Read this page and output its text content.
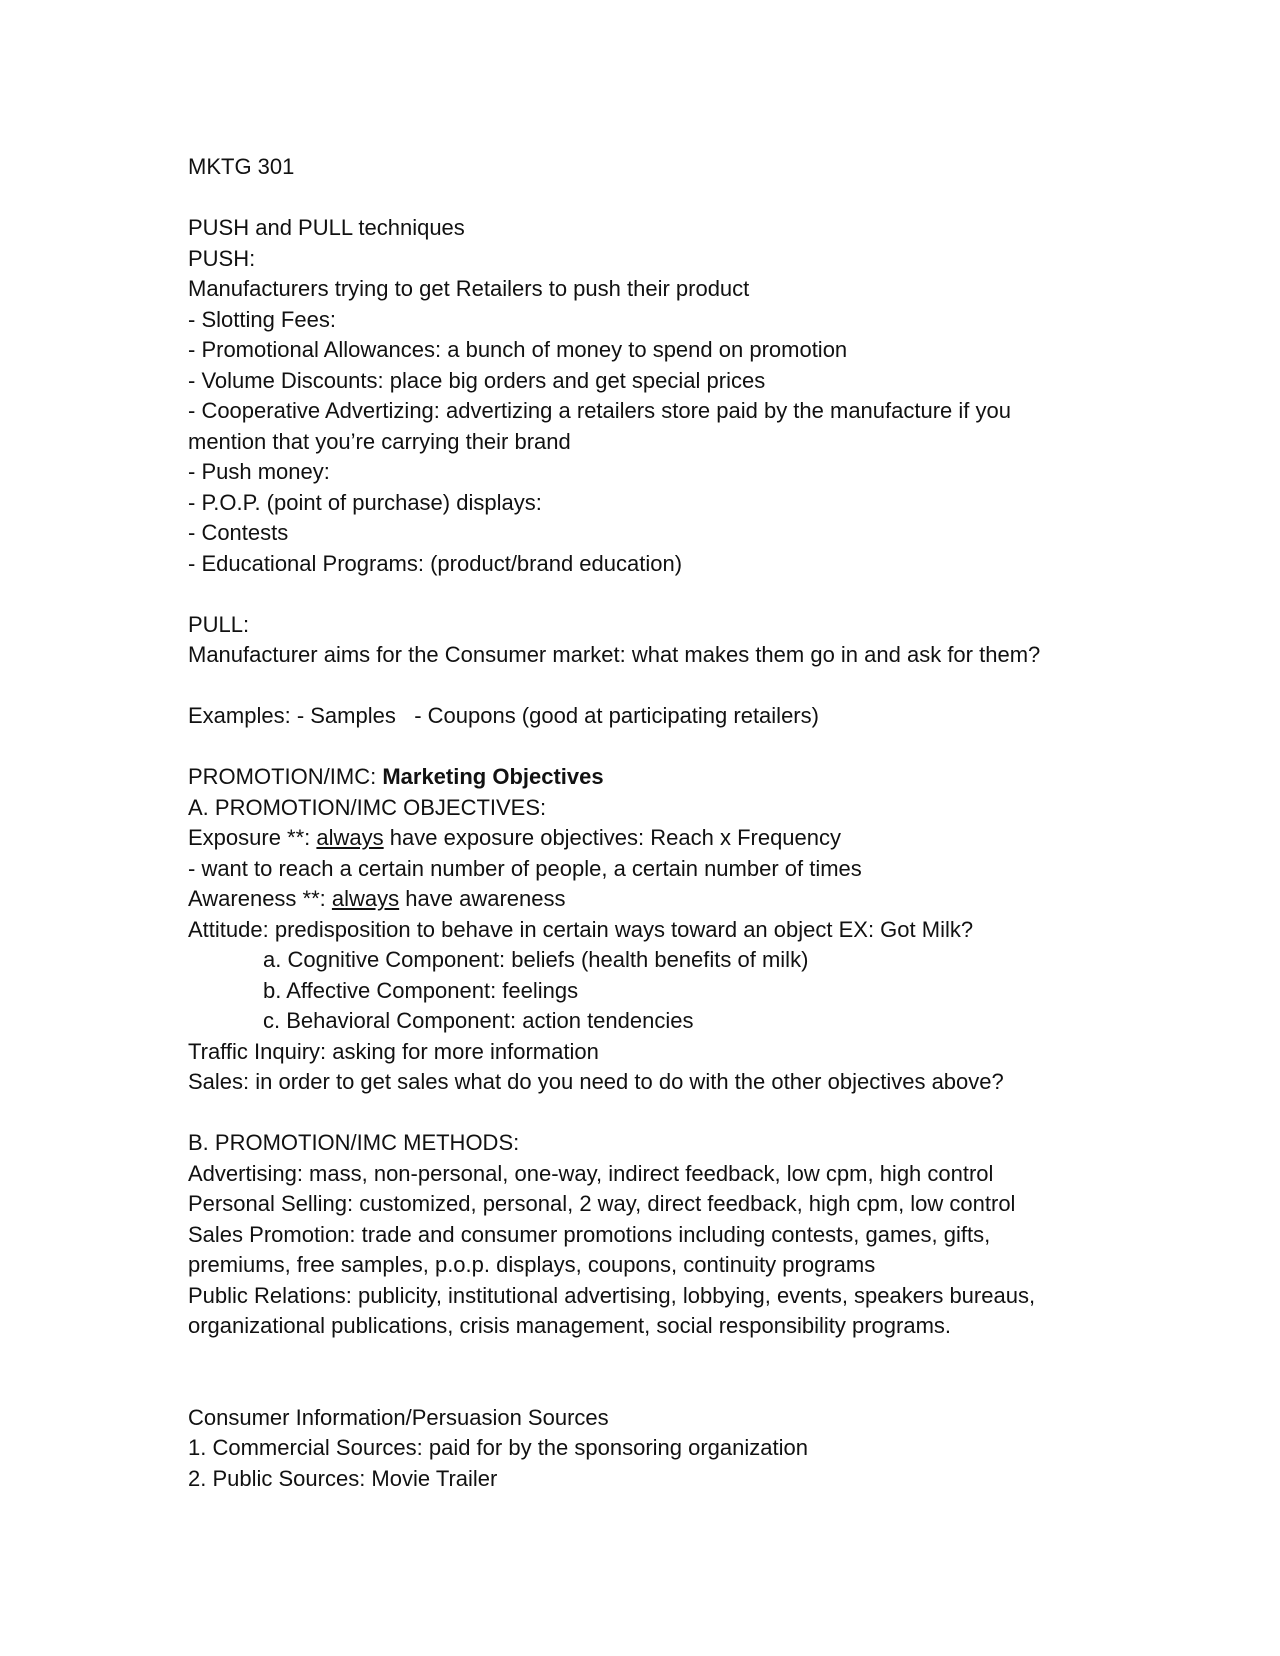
MKTG 301

PUSH and PULL techniques

PUSH:

Manufacturers trying to get Retailers to push their product

- Slotting Fees:

- Promotional Allowances: a bunch of money to spend on promotion

- Volume Discounts: place big orders and get special prices

- Cooperative Advertizing: advertizing a retailers store paid by the manufacture if you mention that you’re carrying their brand

- Push money:

- P.O.P. (point of purchase) displays:

- Contests

- Educational Programs: (product/brand education)

PULL:

Manufacturer aims for the Consumer market: what makes them go in and ask for them?

Examples: - Samples   - Coupons (good at participating retailers)

PROMOTION/IMC: Marketing Objectives

A. PROMOTION/IMC OBJECTIVES:

Exposure **: always have exposure objectives: Reach x Frequency

- want to reach a certain number of people, a certain number of times

Awareness **: always have awareness

Attitude: predisposition to behave in certain ways toward an object EX: Got Milk?

a. Cognitive Component: beliefs (health benefits of milk)

b. Affective Component: feelings

c. Behavioral Component: action tendencies

Traffic Inquiry: asking for more information

Sales: in order to get sales what do you need to do with the other objectives above?

B. PROMOTION/IMC METHODS:

Advertising: mass, non-personal, one-way, indirect feedback, low cpm, high control

Personal Selling: customized, personal, 2 way, direct feedback, high cpm, low control

Sales Promotion: trade and consumer promotions including contests, games, gifts, premiums, free samples, p.o.p. displays, coupons, continuity programs

Public Relations: publicity, institutional advertising, lobbying, events, speakers bureaus, organizational publications, crisis management, social responsibility programs.

Consumer Information/Persuasion Sources

1. Commercial Sources: paid for by the sponsoring organization

2. Public Sources: Movie Trailer
